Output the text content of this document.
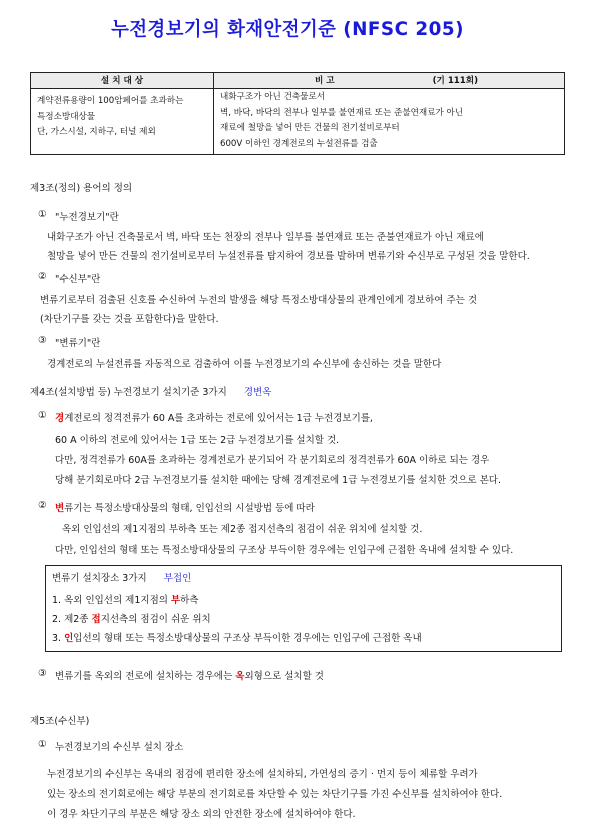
누전경보기의 화재안전기준 (NFSC 205)
설 치 대 상	비 고 (기 111회)

계약전류용량이 100암페어를 초과하는
특정소방대상물
단, 가스시설, 지하구, 터널 제외	내화구조가 아닌 건축물로서
벽, 바닥, 바닥의 전부나 일부를 불연재료 또는 준불연재료가 아닌
재료에 철망을 넣어 만든 건물의 전기설비로부터
600V 이하인 경계전로의 누설전류를 검출
제3조(정의) 용어의 정의
① "누전경보기"란
내화구조가 아닌 건축물로서 벽, 바닥 또는 천장의 전부나 일부를 불연재료 또는 준불연재료가 아닌 재료에
철망을 넣어 만든 건물의 전기설비로부터 누설전류를 탐지하여 경보를 발하며 변류기와 수신부로 구성된 것을 말한다.
② "수신부"란
변류기로부터 검출된 신호를 수신하여 누전의 발생을 해당 특정소방대상물의 관계인에게 경보하여 주는 것
(차단기구를 갖는 것을 포함한다)을 말한다.
③ "변류기"란
경계전로의 누설전류를 자동적으로 검출하여 이를 누전경보기의 수신부에 송신하는 것을 말한다
제4조(설치방법 등) 누전경보기 설치기준 3가지 경변옥
① 경계전로의 정격전류가 60 A를 초과하는 전로에 있어서는 1급 누전경보기를,
60 A 이하의 전로에 있어서는 1급 또는 2급 누전경보기를 설치할 것.
다만, 정격전류가 60A를 초과하는 경계전로가 분기되어 각 분기회로의 정격전류가 60A 이하로 되는 경우
당해 분기회로마다 2급 누전경보기를 설치한 때에는 당해 경계전로에 1급 누전경보기를 설치한 것으로 본다.
② 변류기는 특정소방대상물의 형태, 인입선의 시설방법 등에 따라
옥외 인입선의 제1지점의 부하측 또는 제2종 접지선측의 점검이 쉬운 위치에 설치할 것.
다만, 인입선의 형태 또는 특정소방대상물의 구조상 부득이한 경우에는 인입구에 근접한 옥내에 설치할 수 있다.
변류기 설치장소 3가지 부접인
1. 옥외 인입선의 제1지점의 부하측
2. 제2종 접지선측의 점검이 쉬운 위치
3. 인입선의 형태 또는 특정소방대상물의 구조상 부득이한 경우에는 인입구에 근접한 옥내
③ 변류기를 옥외의 전로에 설치하는 경우에는 옥외형으로 설치할 것
제5조(수신부)
① 누전경보기의 수신부 설치 장소
누전경보기의 수신부는 옥내의 점검에 편리한 장소에 설치하되, 가연성의 증기 · 먼지 등이 체류할 우려가
있는 장소의 전기회로에는 해당 부분의 전기회로를 차단할 수 있는 차단기구를 가진 수신부를 설치하여야 한다.
이 경우 차단기구의 부분은 해당 장소 외의 안전한 장소에 설치하여야 한다.
